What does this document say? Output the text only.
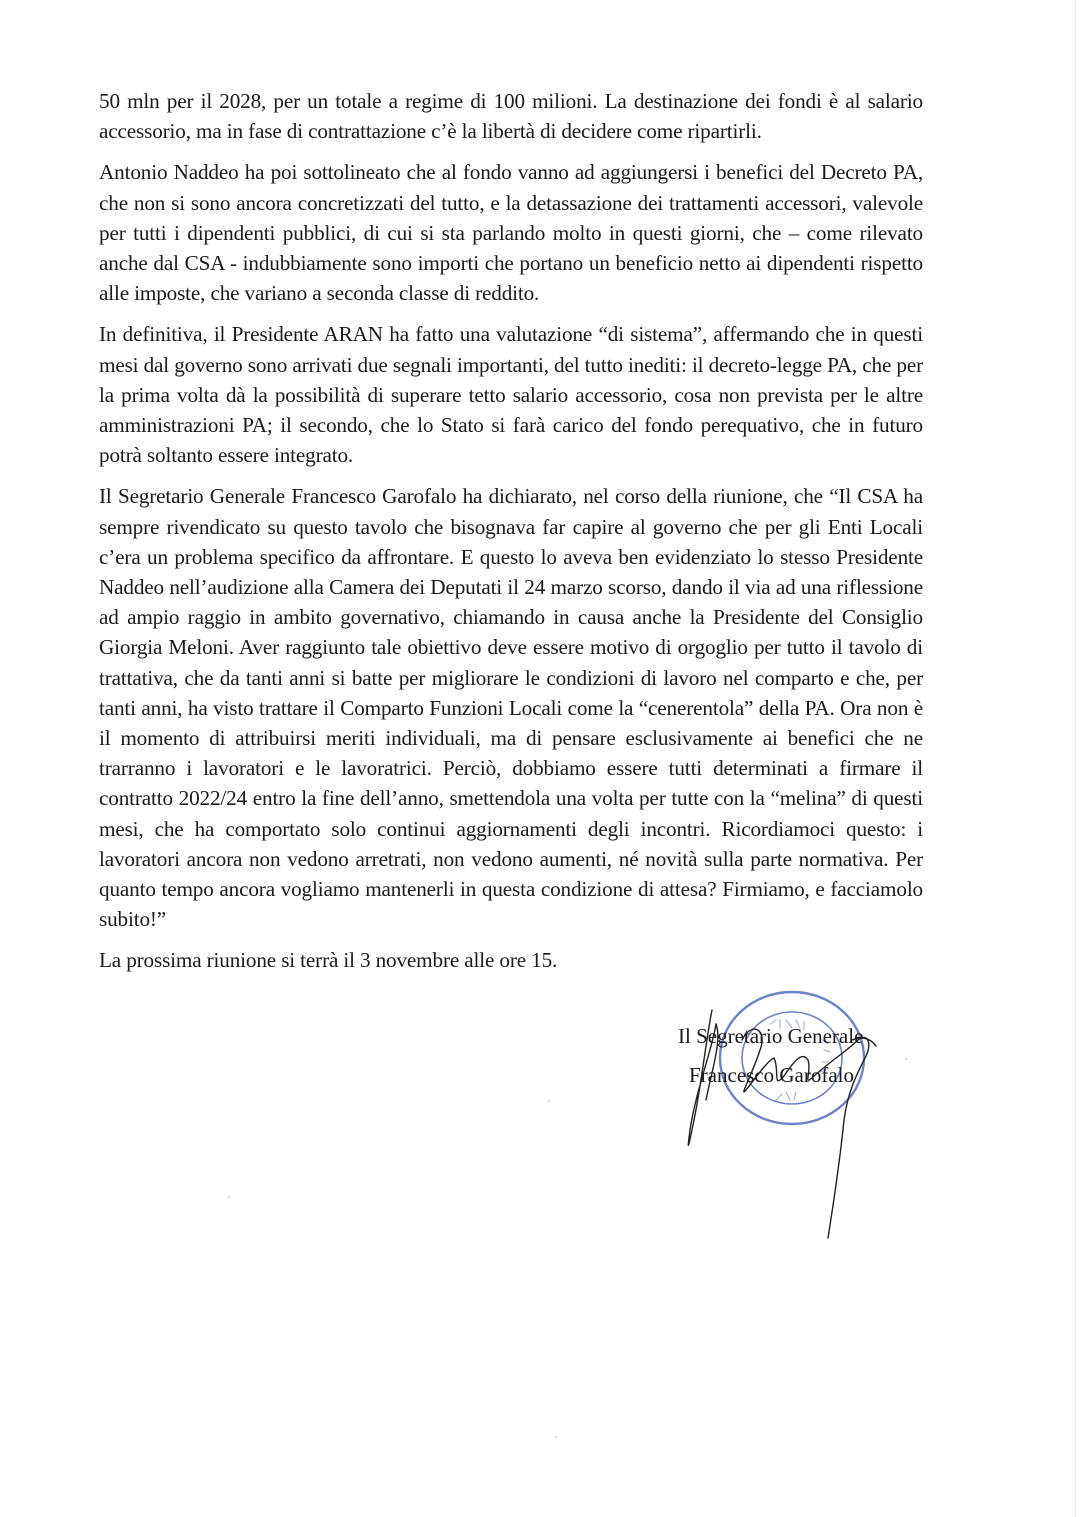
50 mln per il 2028, per un totale a regime di 100 milioni. La destinazione dei fondi è al salario accessorio, ma in fase di contrattazione c’è la libertà di decidere come ripartirli.

Antonio Naddeo ha poi sottolineato che al fondo vanno ad aggiungersi i benefici del Decreto PA, che non si sono ancora concretizzati del tutto, e la detassazione dei trattamenti accessori, valevole per tutti i dipendenti pubblici, di cui si sta parlando molto in questi giorni, che – come rilevato anche dal CSA - indubbiamente sono importi che portano un beneficio netto ai dipendenti rispetto alle imposte, che variano a seconda classe di reddito.

In definitiva, il Presidente ARAN ha fatto una valutazione “di sistema”, affermando che in questi mesi dal governo sono arrivati due segnali importanti, del tutto inediti: il decreto-legge PA, che per la prima volta dà la possibilità di superare tetto salario accessorio, cosa non prevista per le altre amministrazioni PA; il secondo, che lo Stato si farà carico del fondo perequativo, che in futuro potrà soltanto essere integrato.

Il Segretario Generale Francesco Garofalo ha dichiarato, nel corso della riunione, che “Il CSA ha sempre rivendicato su questo tavolo che bisognava far capire al governo che per gli Enti Locali c’era un problema specifico da affrontare. E questo lo aveva ben evidenziato lo stesso Presidente Naddeo nell’audizione alla Camera dei Deputati il 24 marzo scorso, dando il via ad una riflessione ad ampio raggio in ambito governativo, chiamando in causa anche la Presidente del Consiglio Giorgia Meloni. Aver raggiunto tale obiettivo deve essere motivo di orgoglio per tutto il tavolo di trattativa, che da tanti anni si batte per migliorare le condizioni di lavoro nel comparto e che, per tanti anni, ha visto trattare il Comparto Funzioni Locali come la “cenerentola” della PA. Ora non è il momento di attribuirsi meriti individuali, ma di pensare esclusivamente ai benefici che ne trarranno i lavoratori e le lavoratrici. Perciò, dobbiamo essere tutti determinati a firmare il contratto 2022/24 entro la fine dell’anno, smettendola una volta per tutte con la “melina” di questi mesi, che ha comportato solo continui aggiornamenti degli incontri. Ricordiamoci questo: i lavoratori ancora non vedono arretrati, non vedono aumenti, né novità sulla parte normativa. Per quanto tempo ancora vogliamo mantenerli in questa condizione di attesa? Firmiamo, e facciamolo subito!”

La prossima riunione si terrà il 3 novembre alle ore 15.

Il Segretario Generale
Francesco Garofalo
